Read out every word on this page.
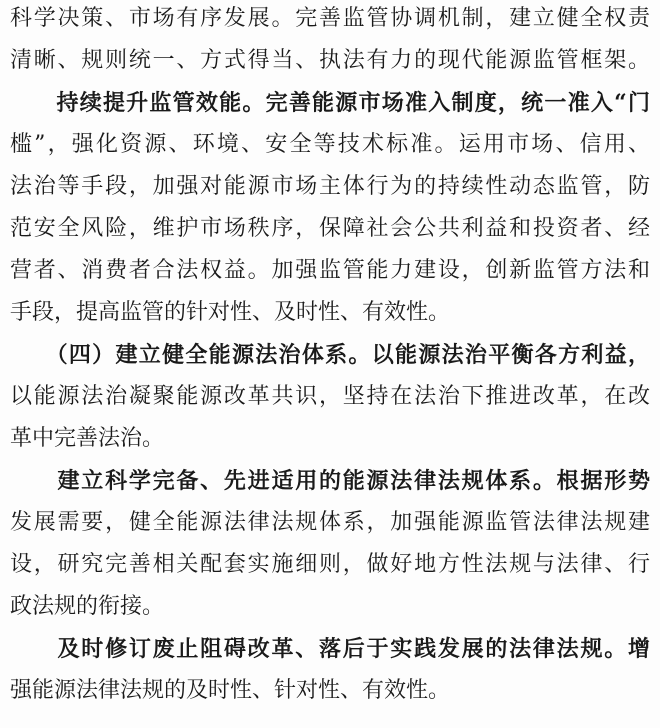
科学决策、市场有序发展。完善监管协调机制，建立健全权责
清晰、规则统一、方式得当、执法有力的现代能源监管框架。
　　持续提升监管效能。完善能源市场准入制度，统一准入“门
槛”，强化资源、环境、安全等技术标准。运用市场、信用、
法治等手段，加强对能源市场主体行为的持续性动态监管，防
范安全风险，维护市场秩序，保障社会公共利益和投资者、经
营者、消费者合法权益。加强监管能力建设，创新监管方法和
手段，提高监管的针对性、及时性、有效性。
　　（四）建立健全能源法治体系。以能源法治平衡各方利益，
以能源法治凝聚能源改革共识，坚持在法治下推进改革，在改
革中完善法治。
　　建立科学完备、先进适用的能源法律法规体系。根据形势
发展需要，健全能源法律法规体系，加强能源监管法律法规建
设，研究完善相关配套实施细则，做好地方性法规与法律、行
政法规的衔接。
　　及时修订废止阻碍改革、落后于实践发展的法律法规。增
强能源法律法规的及时性、针对性、有效性。
